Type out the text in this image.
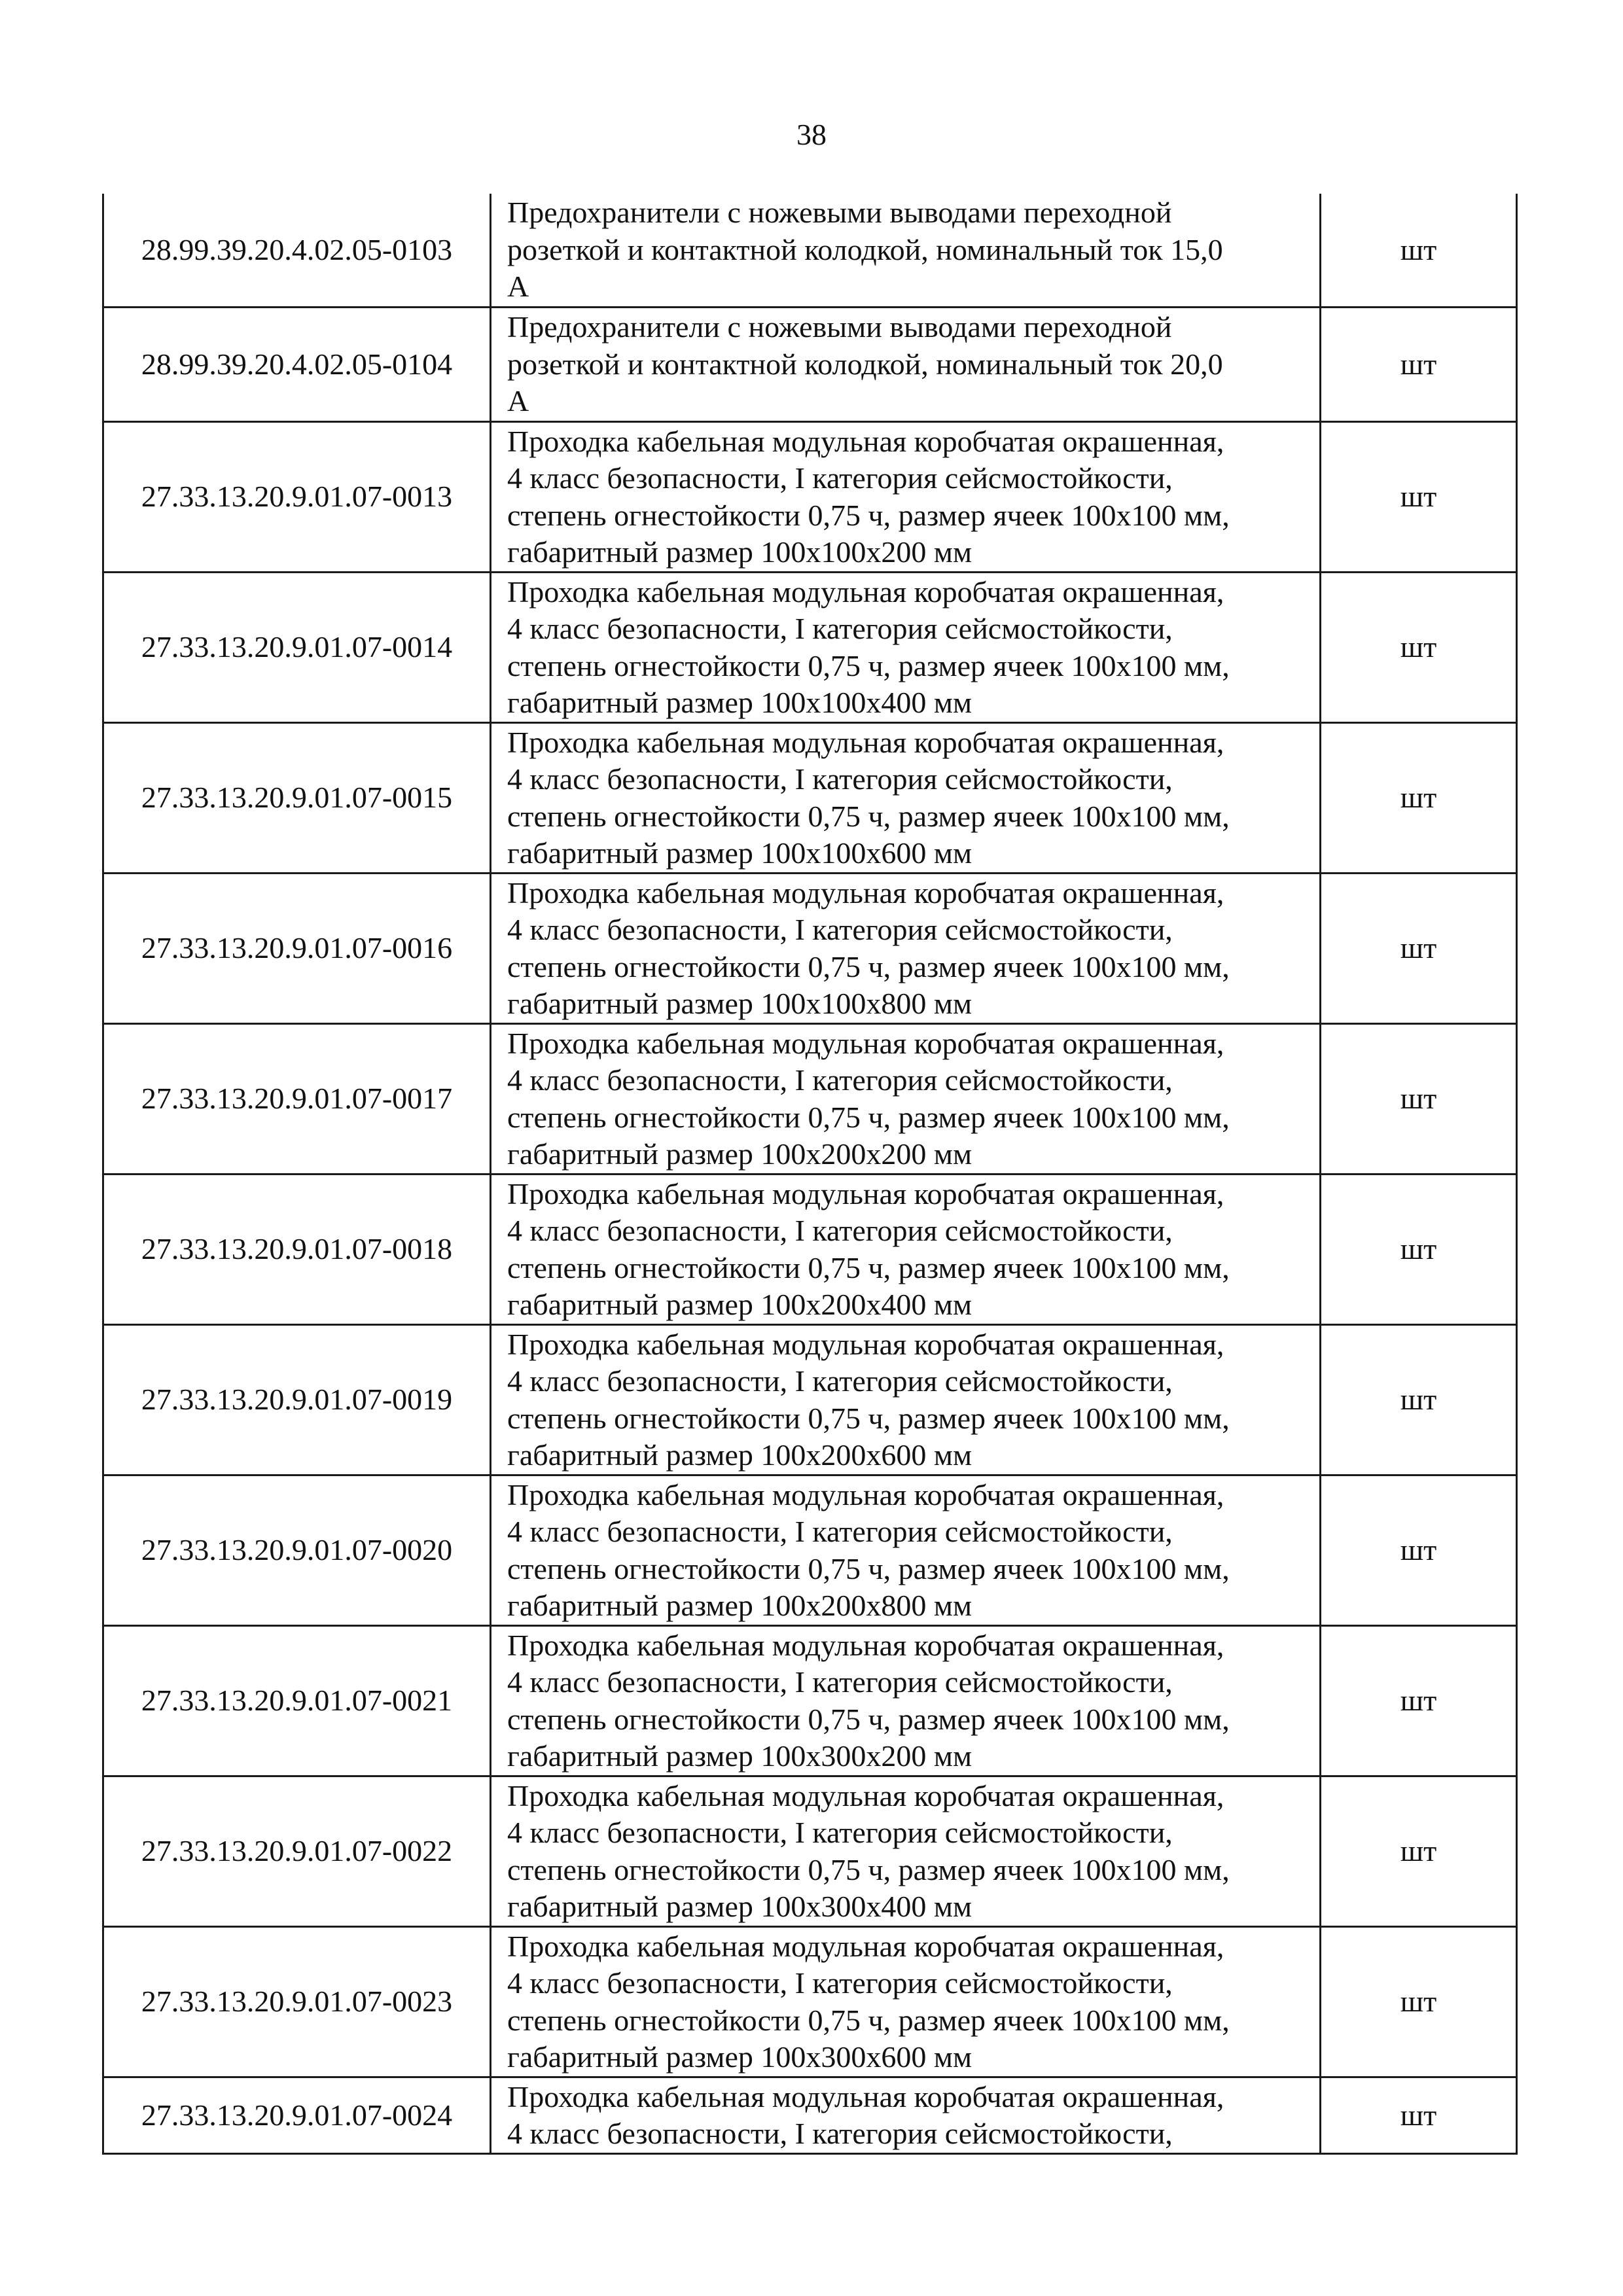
38
28.99.39.20.4.02.05-0103	Предохранители с ножевыми выводами переходной
розеткой и контактной колодкой, номинальный ток 15,0
А	шт
28.99.39.20.4.02.05-0104	Предохранители с ножевыми выводами переходной
розеткой и контактной колодкой, номинальный ток 20,0
А	шт
27.33.13.20.9.01.07-0013	Проходка кабельная модульная коробчатая окрашенная,
4 класс безопасности, I категория сейсмостойкости,
степень огнестойкости 0,75 ч, размер ячеек 100x100 мм,
габаритный размер 100x100x200 мм	шт
27.33.13.20.9.01.07-0014	Проходка кабельная модульная коробчатая окрашенная,
4 класс безопасности, I категория сейсмостойкости,
степень огнестойкости 0,75 ч, размер ячеек 100x100 мм,
габаритный размер 100x100x400 мм	шт
27.33.13.20.9.01.07-0015	Проходка кабельная модульная коробчатая окрашенная,
4 класс безопасности, I категория сейсмостойкости,
степень огнестойкости 0,75 ч, размер ячеек 100x100 мм,
габаритный размер 100x100x600 мм	шт
27.33.13.20.9.01.07-0016	Проходка кабельная модульная коробчатая окрашенная,
4 класс безопасности, I категория сейсмостойкости,
степень огнестойкости 0,75 ч, размер ячеек 100x100 мм,
габаритный размер 100x100x800 мм	шт
27.33.13.20.9.01.07-0017	Проходка кабельная модульная коробчатая окрашенная,
4 класс безопасности, I категория сейсмостойкости,
степень огнестойкости 0,75 ч, размер ячеек 100x100 мм,
габаритный размер 100x200x200 мм	шт
27.33.13.20.9.01.07-0018	Проходка кабельная модульная коробчатая окрашенная,
4 класс безопасности, I категория сейсмостойкости,
степень огнестойкости 0,75 ч, размер ячеек 100x100 мм,
габаритный размер 100x200x400 мм	шт
27.33.13.20.9.01.07-0019	Проходка кабельная модульная коробчатая окрашенная,
4 класс безопасности, I категория сейсмостойкости,
степень огнестойкости 0,75 ч, размер ячеек 100x100 мм,
габаритный размер 100x200x600 мм	шт
27.33.13.20.9.01.07-0020	Проходка кабельная модульная коробчатая окрашенная,
4 класс безопасности, I категория сейсмостойкости,
степень огнестойкости 0,75 ч, размер ячеек 100x100 мм,
габаритный размер 100x200x800 мм	шт
27.33.13.20.9.01.07-0021	Проходка кабельная модульная коробчатая окрашенная,
4 класс безопасности, I категория сейсмостойкости,
степень огнестойкости 0,75 ч, размер ячеек 100x100 мм,
габаритный размер 100x300x200 мм	шт
27.33.13.20.9.01.07-0022	Проходка кабельная модульная коробчатая окрашенная,
4 класс безопасности, I категория сейсмостойкости,
степень огнестойкости 0,75 ч, размер ячеек 100x100 мм,
габаритный размер 100x300x400 мм	шт
27.33.13.20.9.01.07-0023	Проходка кабельная модульная коробчатая окрашенная,
4 класс безопасности, I категория сейсмостойкости,
степень огнестойкости 0,75 ч, размер ячеек 100x100 мм,
габаритный размер 100x300x600 мм	шт
27.33.13.20.9.01.07-0024	Проходка кабельная модульная коробчатая окрашенная,
4 класс безопасности, I категория сейсмостойкости,	шт
